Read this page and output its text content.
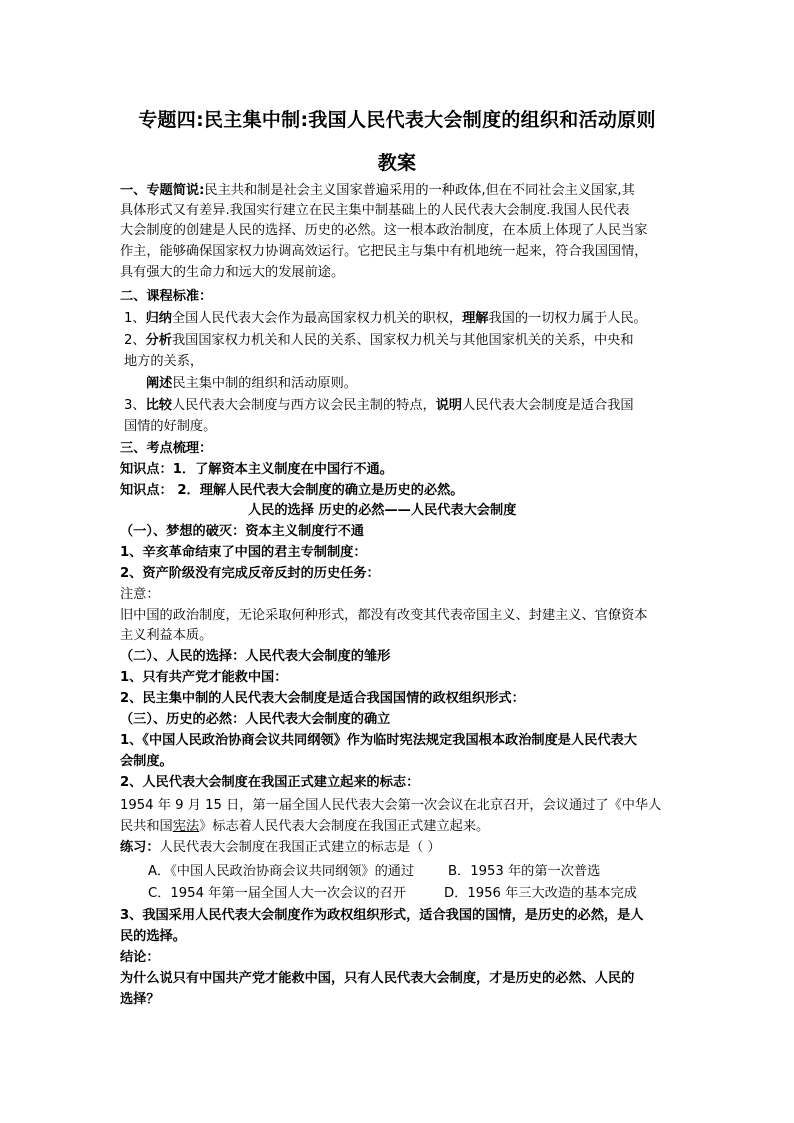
专题四:民主集中制:我国人民代表大会制度的组织和活动原则
教案
一、专题简说:民主共和制是社会主义国家普遍采用的一种政体,但在不同社会主义国家,其
具体形式又有差异.我国实行建立在民主集中制基础上的人民代表大会制度.我国人民代表
大会制度的创建是人民的选择、历史的必然。这一根本政治制度，在本质上体现了人民当家
作主，能够确保国家权力协调高效运行。它把民主与集中有机地统一起来，符合我国国情，
具有强大的生命力和远大的发展前途。
二、课程标准：
1、归纳全国人民代表大会作为最高国家权力机关的职权，理解我国的一切权力属于人民。
2、分析我国国家权力机关和人民的关系、国家权力机关与其他国家机关的关系，中央和
地方的关系，
阐述民主集中制的组织和活动原则。
3、比较人民代表大会制度与西方议会民主制的特点，说明人民代表大会制度是适合我国
国情的好制度。
三、考点梳理：
知识点：1．了解资本主义制度在中国行不通。
知识点： 2．理解人民代表大会制度的确立是历史的必然。
人民的选择 历史的必然——人民代表大会制度
（一）、梦想的破灭：资本主义制度行不通
1、辛亥革命结束了中国的君主专制制度：
2、资产阶级没有完成反帝反封的历史任务：
注意：
旧中国的政治制度，无论采取何种形式，都没有改变其代表帝国主义、封建主义、官僚资本
主义利益本质。
（二）、人民的选择：人民代表大会制度的雏形
1、只有共产党才能救中国：
2、民主集中制的人民代表大会制度是适合我国国情的政权组织形式：
（三）、历史的必然：人民代表大会制度的确立
1、《中国人民政治协商会议共同纲领》作为临时宪法规定我国根本政治制度是人民代表大
会制度。
2、人民代表大会制度在我国正式建立起来的标志：
1954 年 9 月 15 日，第一届全国人民代表大会第一次会议在北京召开，会议通过了《中华人
民共和国宪法》标志着人民代表大会制度在我国正式建立起来。
练习：人民代表大会制度在我国正式建立的标志是（ ）
A．《中国人民政治协商会议共同纲领》的通过	B．1953 年的第一次普选
C．1954 年第一届全国人大一次会议的召开	D．1956 年三大改造的基本完成
3、我国采用人民代表大会制度作为政权组织形式，适合我国的国情，是历史的必然，是人
民的选择。
结论：
为什么说只有中国共产党才能救中国，只有人民代表大会制度，才是历史的必然、人民的
选择？
